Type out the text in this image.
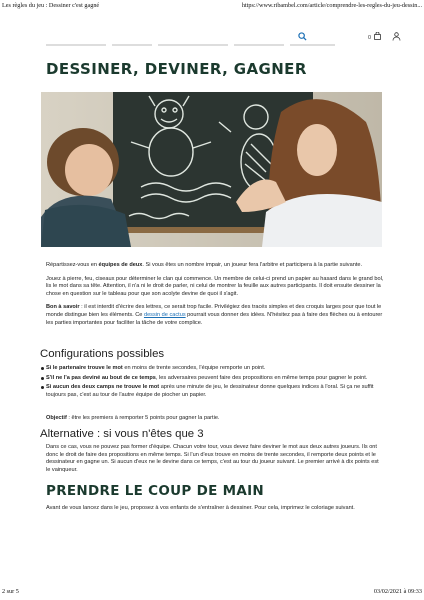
Les règles du jeu : Dessiner c'est gagné	https://www.ribambel.com/article/comprendre-les-regles-du-jeu-dessin...
0
DESSINER, DEVINER, GAGNER

Répartissez-vous en équipes de deux. Si vous êtes un nombre impair, un joueur fera l'arbitre et participera à la partie suivante.

Jouez à pierre, feu, ciseaux pour déterminer le clan qui commence. Un membre de celui-ci prend un papier au hasard dans le grand bol, lis le mot dans sa tête. Attention, il n'a ni le droit de parler, ni celui de montrer la feuille aux autres participants. Il doit ensuite dessiner la chose en question sur le tableau pour que son acolyte devine de quoi il s'agit.

Bon à savoir : il est interdit d'écrire des lettres, ce serait trop facile. Privilégiez des tracés simples et des croquis larges pour que tout le monde distingue bien les éléments. Ce dessin de cactus pourrait vous donner des idées. N'hésitez pas à faire des flèches ou à entourer les parties importantes pour faciliter la tâche de votre complice.

Configurations possibles
Si le partenaire trouve le mot en moins de trente secondes, l'équipe remporte un point.
S'il ne l'a pas deviné au bout de ce temps, les adversaires peuvent faire des propositions en même temps pour gagner le point.
Si aucun des deux camps ne trouve le mot après une minute de jeu, le dessinateur donne quelques indices à l'oral. Si ça ne suffit toujours pas, c'est au tour de l'autre équipe de piocher un papier.

Objectif : être les premiers à remporter 5 points pour gagner la partie.

Alternative : si vous n'êtes que 3

Dans ce cas, vous ne pouvez pas former d'équipe. Chacun votre tour, vous devez faire deviner le mot aux deux autres joueurs. Ils ont donc le droit de faire des propositions en même temps. Si l'un d'eux trouve en moins de trente secondes, il remporte deux points et le dessinateur en gagne un. Si aucun d'eux ne le devine dans ce temps, c'est au tour du joueur suivant. Le premier arrivé à dix points est le vainqueur.

PRENDRE LE COUP DE MAIN

Avant de vous lancez dans le jeu, proposez à vos enfants de s'entraîner à dessiner. Pour cela, imprimez le coloriage suivant.

2 sur 5	03/02/2021 à 09:33
